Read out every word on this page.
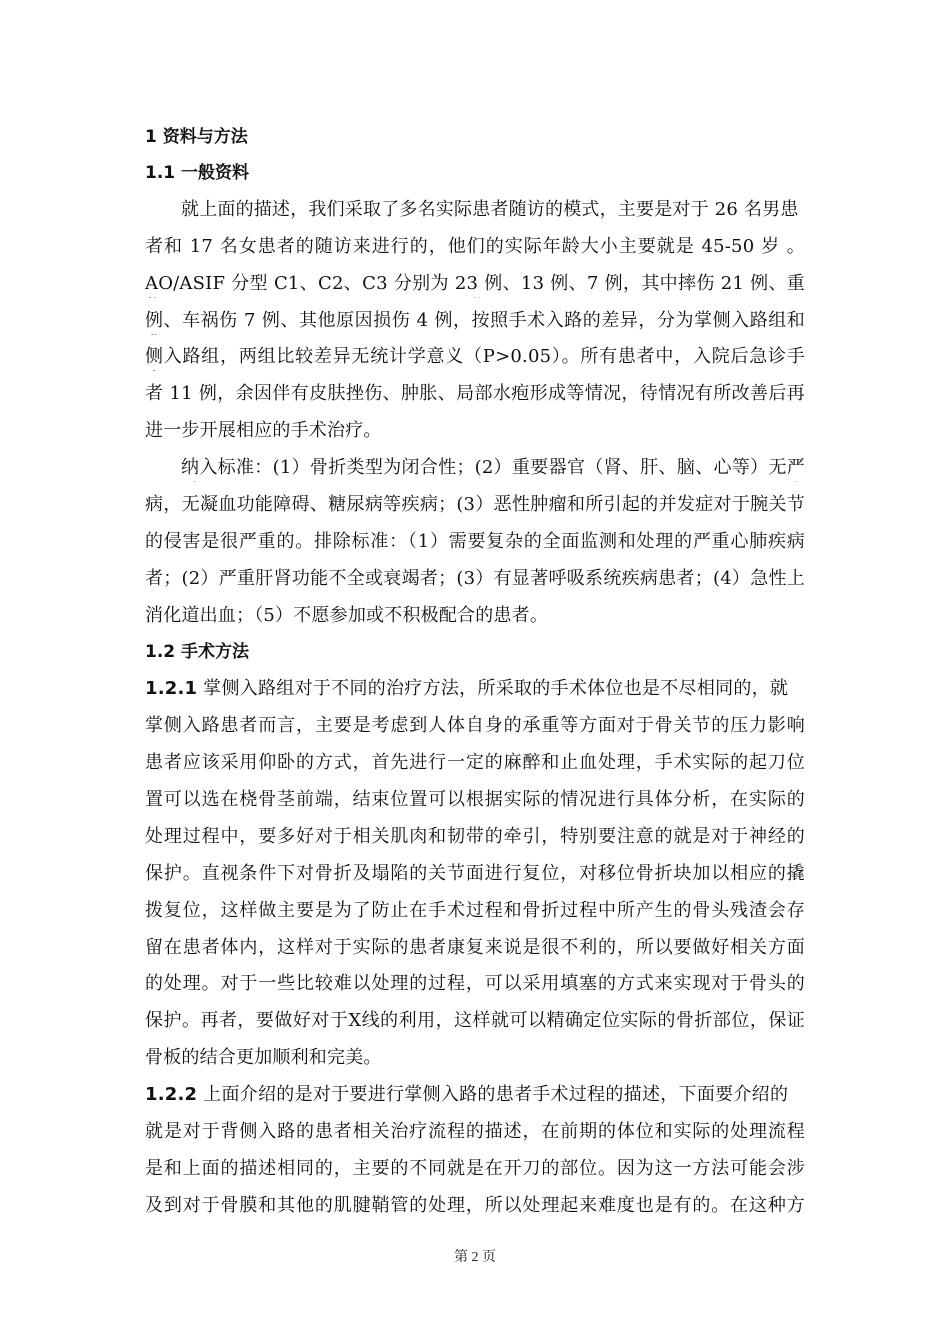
1 资料与方法
1.1 一般资料
就上面的描述，我们采取了多名实际患者随访的模式，主要是对于 26 名男患
者和 17 名女患者的随访来进行的，他们的实际年龄大小主要就是 45-50 岁 。
AO/ASIF 分型 C1、C2、C3 分别为 23 例、13 例、7 例，其中摔伤 21 例、重
例、车祸伤 7 例、其他原因损伤 4 例，按照手术入路的差异，分为掌侧入路组和
侧入路组，两组比较差异无统计学意义（P>0.05）。所有患者中，入院后急诊手
者 11 例，余因伴有皮肤挫伤、肿胀、局部水疱形成等情况，待情况有所改善后再
进一步开展相应的手术治疗。
纳入标准：(1）骨折类型为闭合性；(2）重要器官（肾、肝、脑、心等）无严
病，无凝血功能障碍、糖尿病等疾病；(3）恶性肿瘤和所引起的并发症对于腕关节
的侵害是很严重的。排除标准：（1）需要复杂的全面监测和处理的严重心肺疾病
者；(2）严重肝肾功能不全或衰竭者；(3）有显著呼吸系统疾病患者；(4）急性上
消化道出血；（5）不愿参加或不积极配合的患者。
1.2 手术方法
1.2.1 掌侧入路组对于不同的治疗方法，所采取的手术体位也是不尽相同的，就
掌侧入路患者而言，主要是考虑到人体自身的承重等方面对于骨关节的压力影响
患者应该采用仰卧的方式，首先进行一定的麻醉和止血处理，手术实际的起刀位
置可以选在桡骨茎前端，结束位置可以根据实际的情况进行具体分析，在实际的
处理过程中，要多好对于相关肌肉和韧带的牵引，特别要注意的就是对于神经的
保护。直视条件下对骨折及塌陷的关节面进行复位，对移位骨折块加以相应的撬
拨复位，这样做主要是为了防止在手术过程和骨折过程中所产生的骨头残渣会存
留在患者体内，这样对于实际的患者康复来说是很不利的，所以要做好相关方面
的处理。对于一些比较难以处理的过程，可以采用填塞的方式来实现对于骨头的
保护。再者，要做好对于X线的利用，这样就可以精确定位实际的骨折部位，保证
骨板的结合更加顺利和完美。
1.2.2 上面介绍的是对于要进行掌侧入路的患者手术过程的描述，下面要介绍的
就是对于背侧入路的患者相关治疗流程的描述，在前期的体位和实际的处理流程
是和上面的描述相同的，主要的不同就是在开刀的部位。因为这一方法可能会涉
及到对于骨膜和其他的肌腱鞘管的处理，所以处理起来难度也是有的。在这种方
第 2 页
